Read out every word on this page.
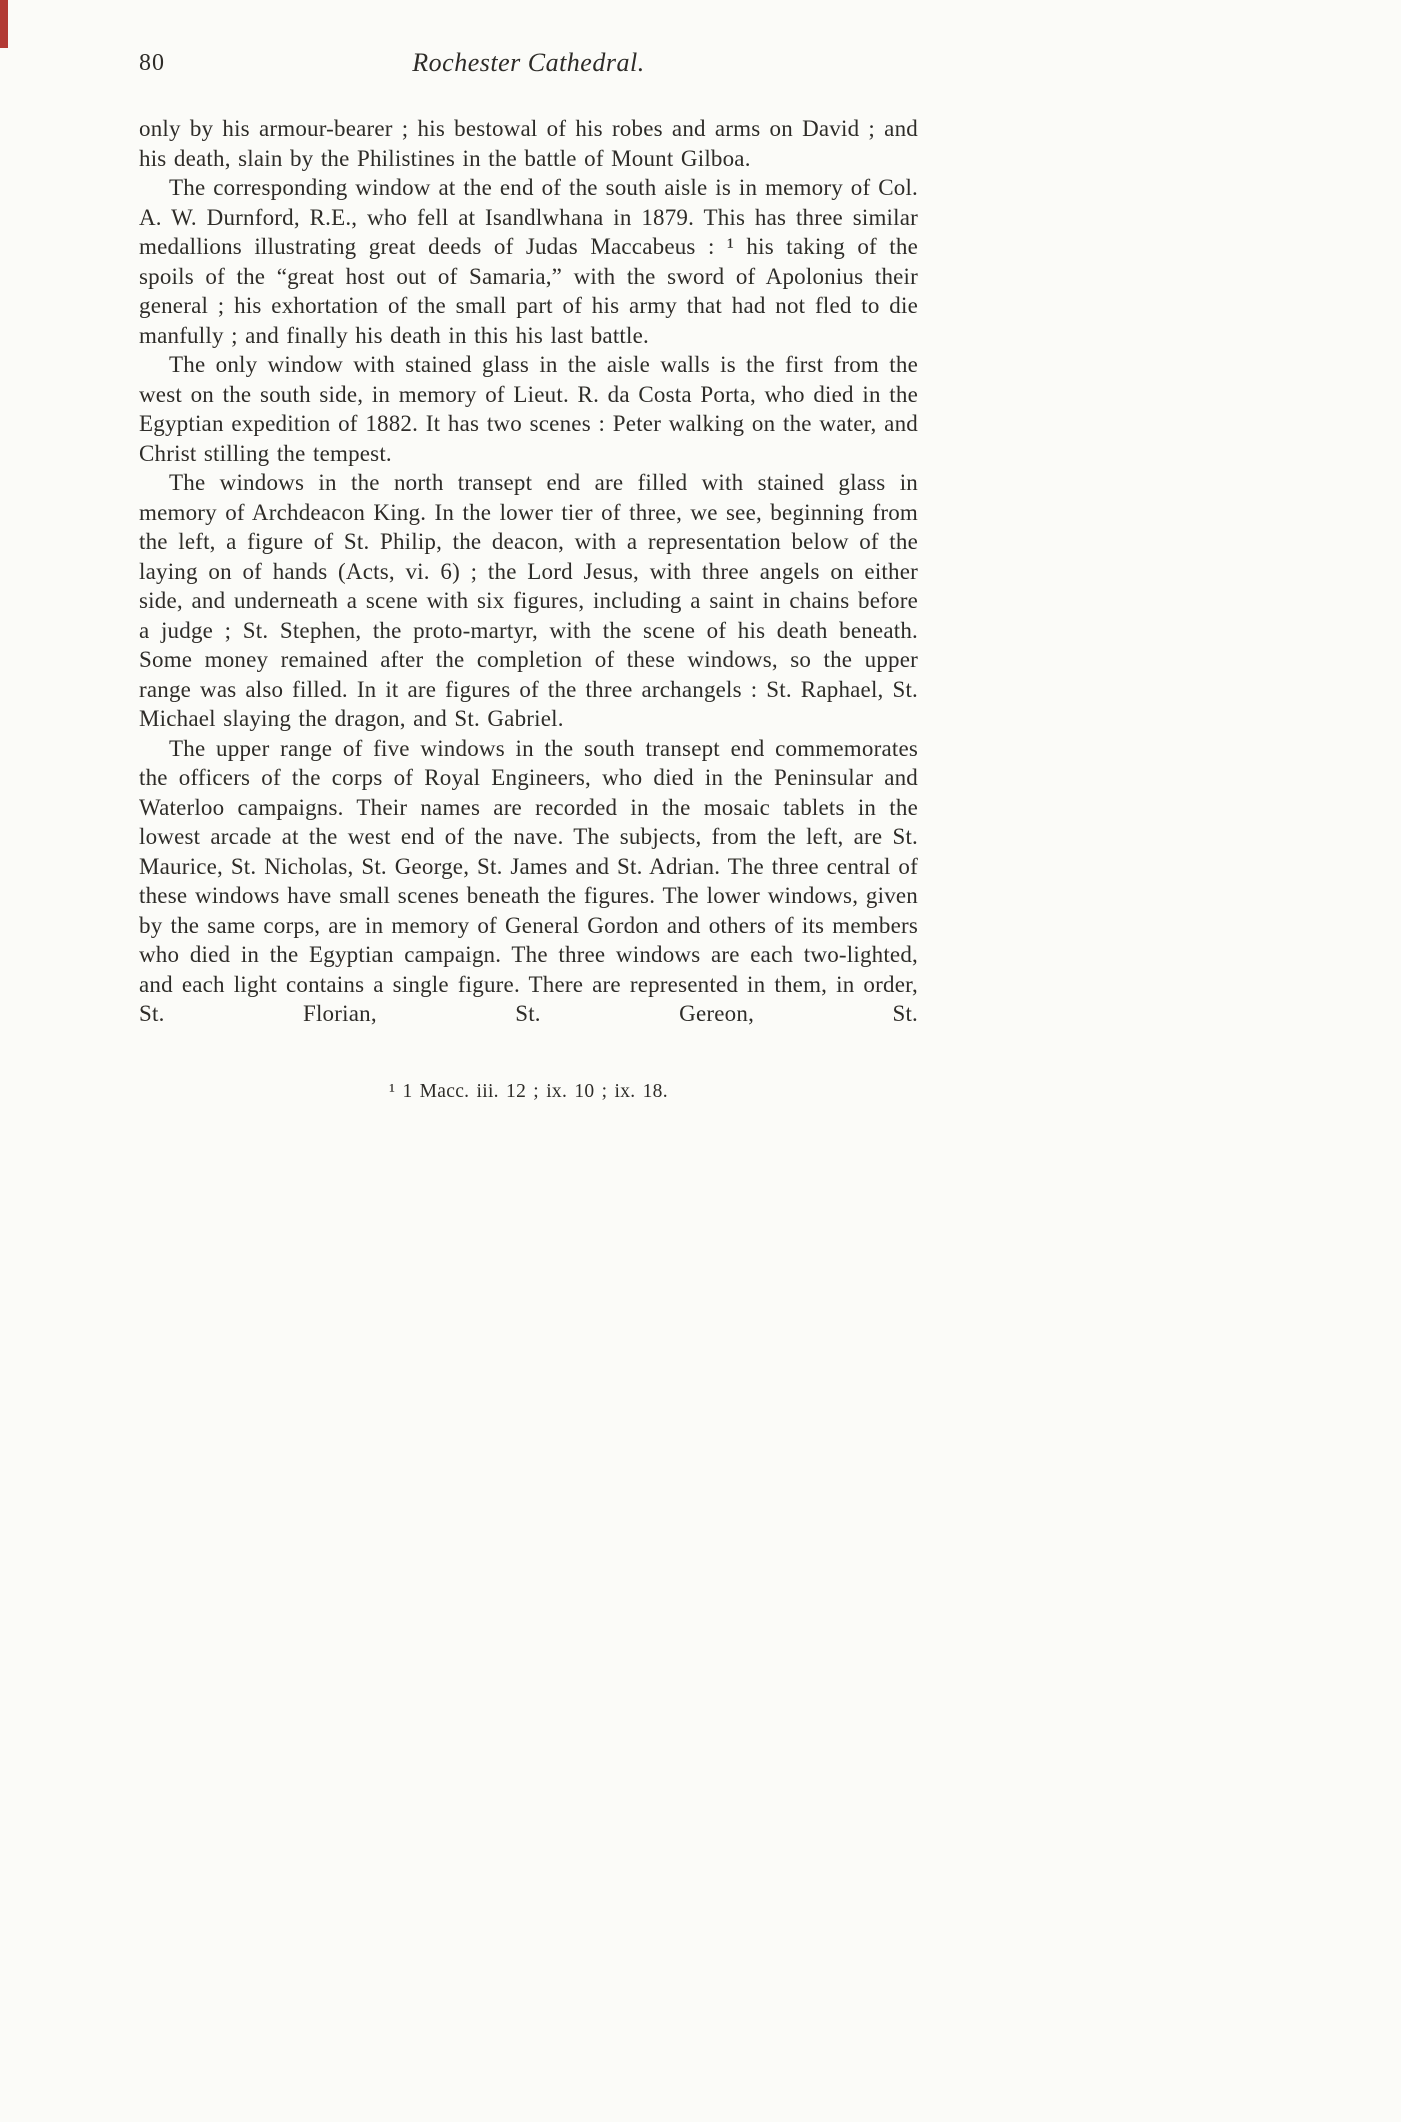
80	Rochester Cathedral.

only by his armour-bearer ; his bestowal of his robes and arms on David ; and his death, slain by the Philistines in the battle of Mount Gilboa.

The corresponding window at the end of the south aisle is in memory of Col. A. W. Durnford, R.E., who fell at Isandlwhana in 1879. This has three similar medallions illustrating great deeds of Judas Maccabeus : ¹ his taking of the spoils of the “great host out of Samaria,” with the sword of Apolonius their general ; his exhortation of the small part of his army that had not fled to die manfully ; and finally his death in this his last battle.

The only window with stained glass in the aisle walls is the first from the west on the south side, in memory of Lieut. R. da Costa Porta, who died in the Egyptian expedition of 1882. It has two scenes : Peter walking on the water, and Christ stilling the tempest.

The windows in the north transept end are filled with stained glass in memory of Archdeacon King. In the lower tier of three, we see, beginning from the left, a figure of St. Philip, the deacon, with a representation below of the laying on of hands (Acts, vi. 6) ; the Lord Jesus, with three angels on either side, and underneath a scene with six figures, including a saint in chains before a judge ; St. Stephen, the proto-martyr, with the scene of his death beneath. Some money remained after the completion of these windows, so the upper range was also filled. In it are figures of the three archangels : St. Raphael, St. Michael slaying the dragon, and St. Gabriel.

The upper range of five windows in the south transept end commemorates the officers of the corps of Royal Engineers, who died in the Peninsular and Waterloo campaigns. Their names are recorded in the mosaic tablets in the lowest arcade at the west end of the nave. The subjects, from the left, are St. Maurice, St. Nicholas, St. George, St. James and St. Adrian. The three central of these windows have small scenes beneath the figures. The lower windows, given by the same corps, are in memory of General Gordon and others of its members who died in the Egyptian campaign. The three windows are each two-lighted, and each light contains a single figure. There are represented in them, in order, St. Florian, St. Gereon, St.

¹ 1 Macc. iii. 12 ; ix. 10 ; ix. 18.
